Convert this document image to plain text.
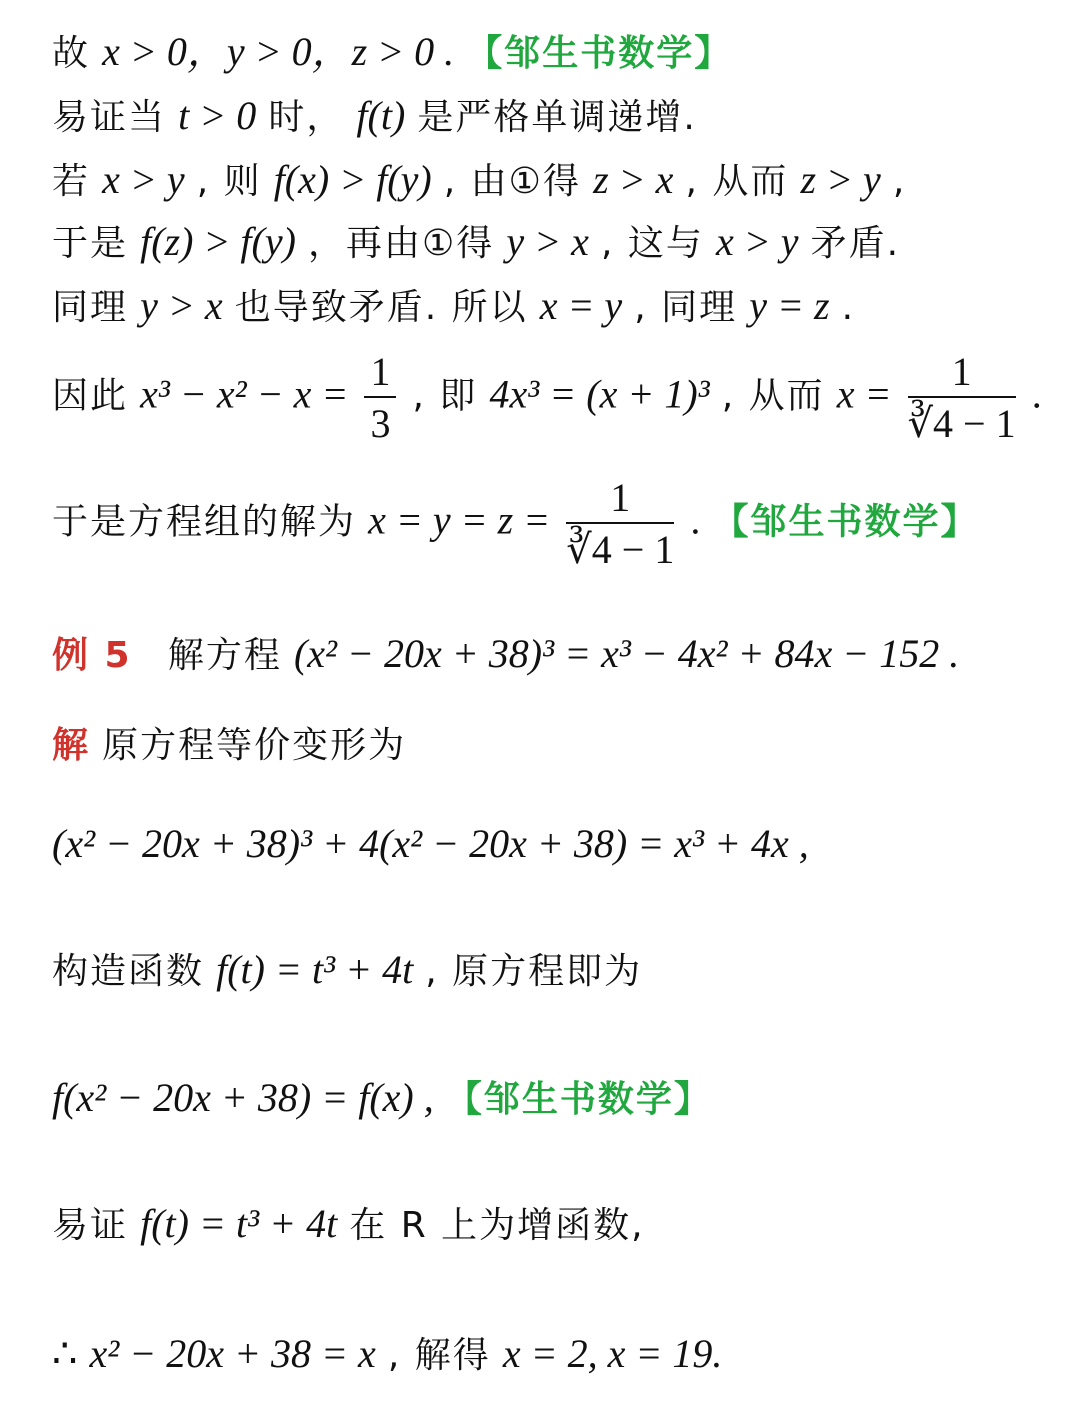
故 x > 0，y > 0，z > 0 . 【邹生书数学】
易证当 t > 0 时， f(t) 是严格单调递增.
若 x > y , 则 f(x) > f(y) , 由①得 z > x , 从而 z > y ,
于是 f(z) > f(y) ，再由①得 y > x , 这与 x > y 矛盾.
同理 y > x 也导致矛盾. 所以 x = y , 同理 y = z .
因此 $x^3 - x^2 - x = \frac{1}{3}$ , 即 4x³ = (x + 1)³ , 从而 $x = \frac{1}{∛4 - 1}$ .
于是方程组的解为 $x = y = z = \frac{1}{∛4 - 1}$ . 【邹生书数学】
例 5 解方程 (x² − 20x + 38)³ = x³ − 4x² + 84x − 152 .
解 原方程等价变形为
(x² − 20x + 38)³ + 4(x² − 20x + 38) = x³ + 4x ,
构造函数 f(t) = t³ + 4t , 原方程即为
f(x² − 20x + 38) = f(x) , 【邹生书数学】
易证 f(t) = t³ + 4t 在 R 上为增函数,
∴ x² − 20x + 38 = x , 解得 x = 2, x = 19.
